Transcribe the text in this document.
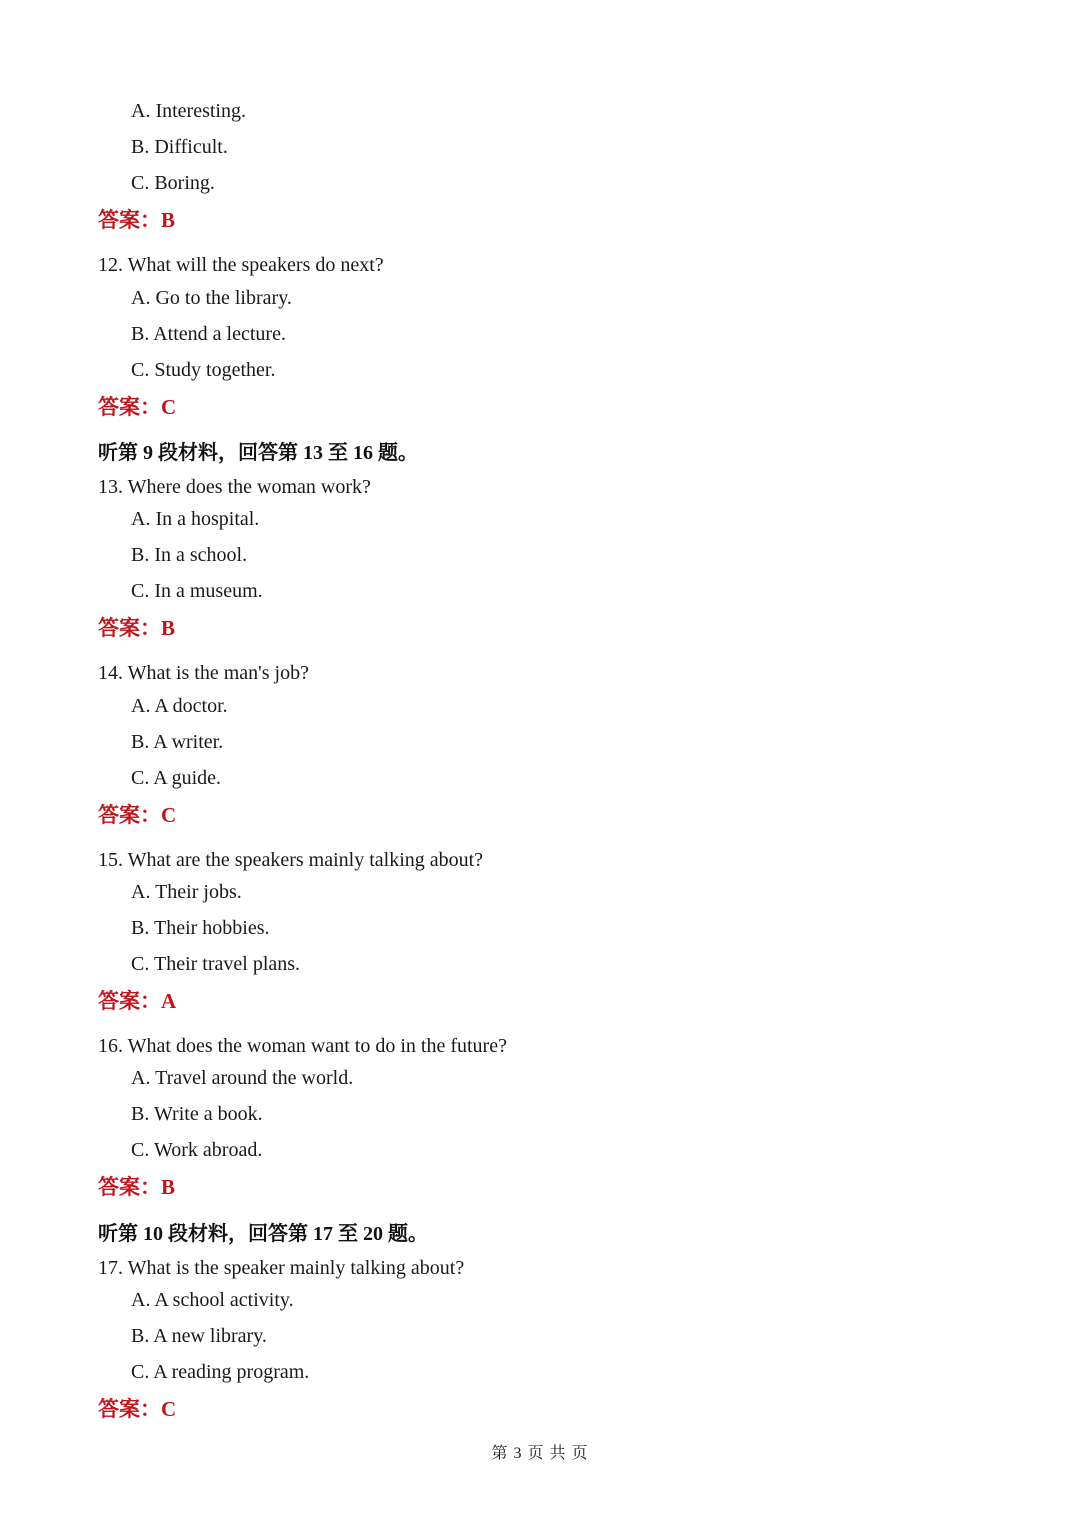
A. Interesting.
B. Difficult.
C. Boring.
答案：B
12. What will the speakers do next?
A. Go to the library.
B. Attend a lecture.
C. Study together.
答案：C
听第 9 段材料，回答第 13 至 16 题。
13. Where does the woman work?
A. In a hospital.
B. In a school.
C. In a museum.
答案：B
14. What is the man's job?
A. A doctor.
B. A writer.
C. A guide.
答案：C
15. What are the speakers mainly talking about?
A. Their jobs.
B. Their hobbies.
C. Their travel plans.
答案：A
16. What does the woman want to do in the future?
A. Travel around the world.
B. Write a book.
C. Work abroad.
答案：B
听第 10 段材料，回答第 17 至 20 题。
17. What is the speaker mainly talking about?
A. A school activity.
B. A new library.
C. A reading program.
答案：C
第 3 页 共 页
